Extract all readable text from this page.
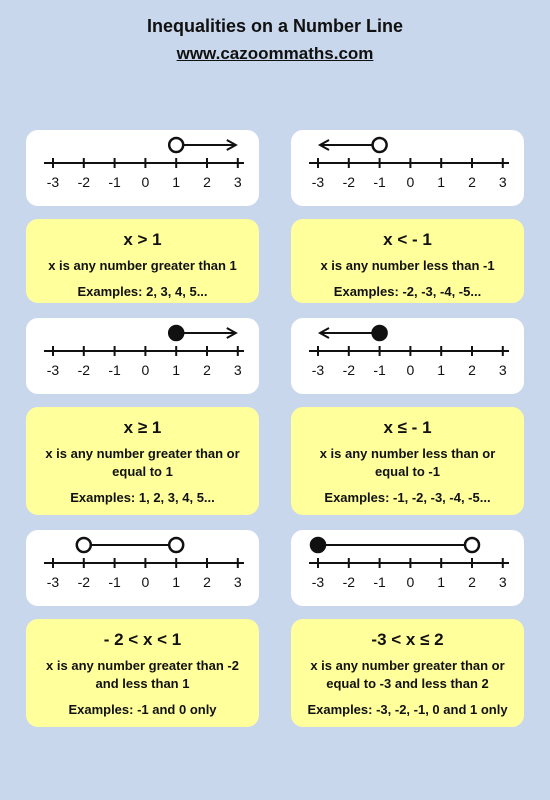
Inequalities on a Number Line
www.cazoommaths.com
-3 -2 -1 0 1 2 3	-3 -2 -1 0 1 2 3
x > 1
x is any number greater than 1
Examples: 2, 3, 4, 5...
x < - 1
x is any number less than -1
Examples: -2, -3, -4, -5...
-3 -2 -1 0 1 2 3	-3 -2 -1 0 1 2 3
x ≥ 1
x is any number greater than or equal to 1
Examples: 1, 2, 3, 4, 5...
x ≤ - 1
x is any number less than or equal to -1
Examples: -1, -2, -3, -4, -5...
-3 -2 -1 0 1 2 3	-3 -2 -1 0 1 2 3
- 2 < x < 1
x is any number greater than -2 and less than 1
Examples: -1 and 0 only
-3 < x ≤ 2
x is any number greater than or equal to -3 and less than 2
Examples: -3, -2, -1, 0 and 1 only
